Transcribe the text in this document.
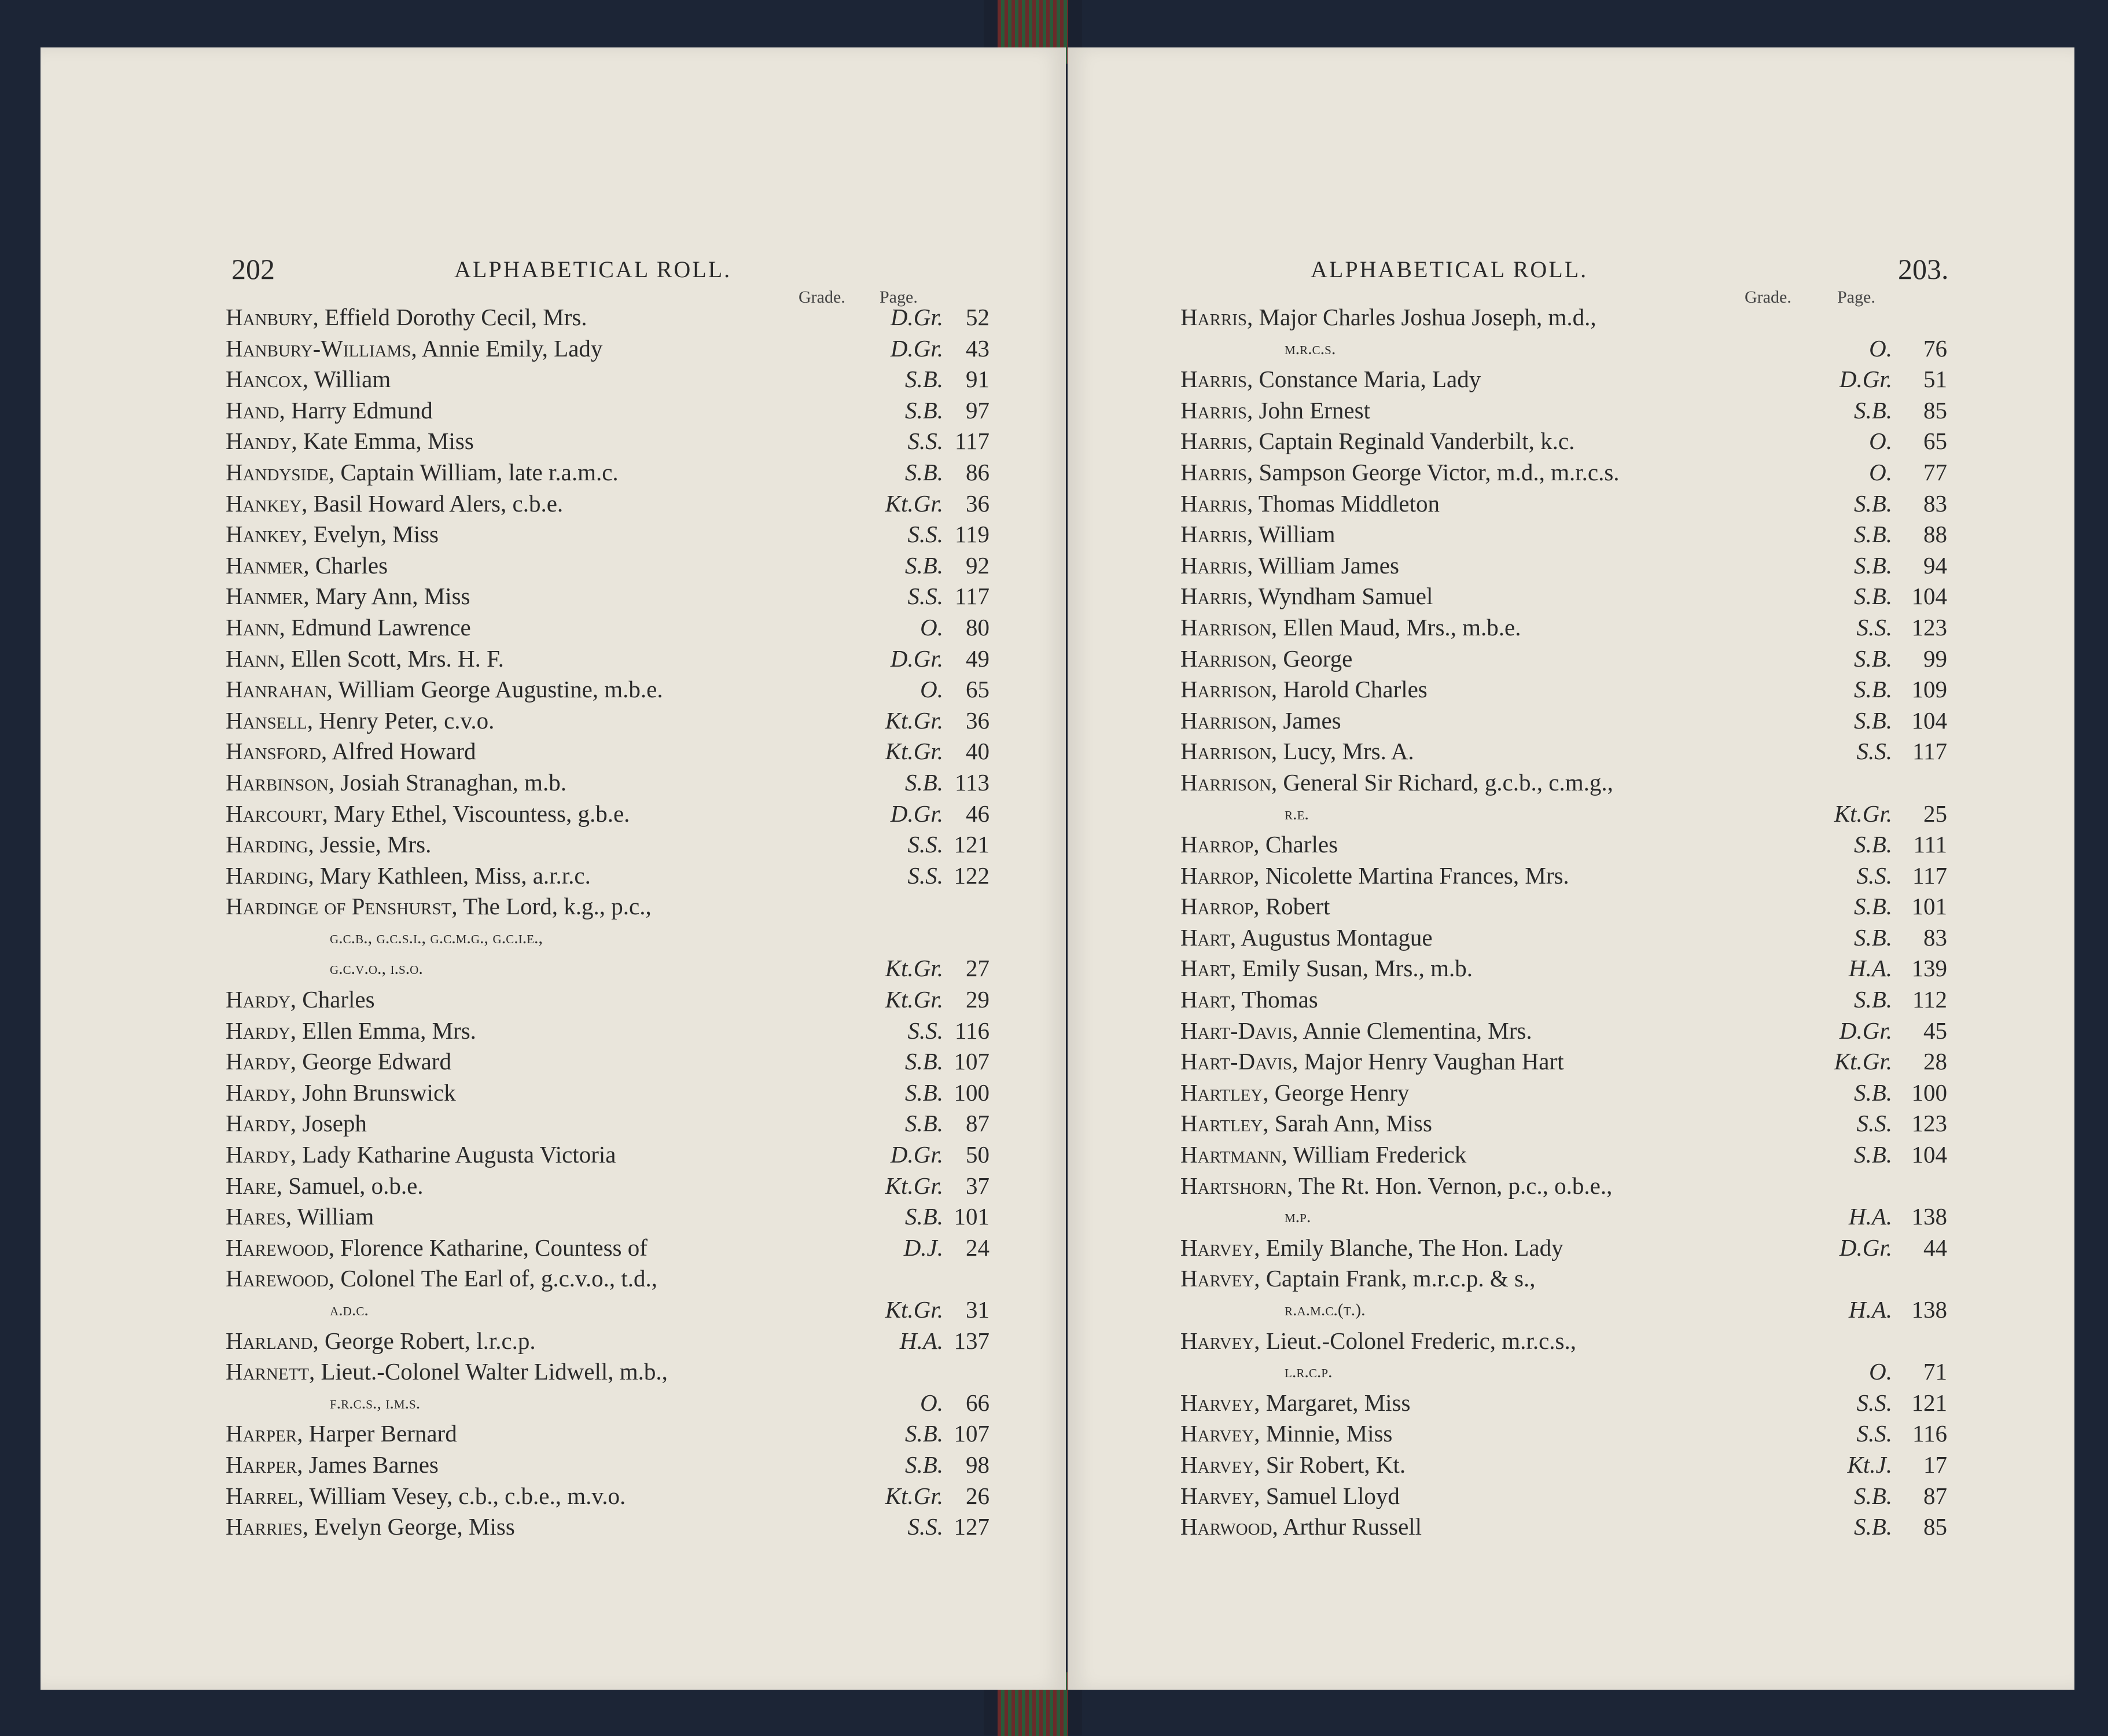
202	ALPHABETICAL ROLL.
Grade. Page.
Hanbury, Effield Dorothy Cecil, Mrs.	D.Gr. 52
Hanbury-Williams, Annie Emily, Lady	D.Gr. 43
Hancox, William	S.B. 91
Hand, Harry Edmund	S.B. 97
Handy, Kate Emma, Miss	S.S. 117
Handyside, Captain William, late r.a.m.c.	S.B. 86
Hankey, Basil Howard Alers, c.b.e.	Kt.Gr. 36
Hankey, Evelyn, Miss	S.S. 119
Hanmer, Charles	S.B. 92
Hanmer, Mary Ann, Miss	S.S. 117
Hann, Edmund Lawrence	O. 80
Hann, Ellen Scott, Mrs. H. F.	D.Gr. 49
Hanrahan, William George Augustine, m.b.e.	O. 65
Hansell, Henry Peter, c.v.o.	Kt.Gr. 36
Hansford, Alfred Howard	Kt.Gr. 40
Harbinson, Josiah Stranaghan, m.b.	S.B. 113
Harcourt, Mary Ethel, Viscountess, g.b.e.	D.Gr. 46
Harding, Jessie, Mrs.	S.S. 121
Harding, Mary Kathleen, Miss, a.r.r.c.	S.S. 122
Hardinge of Penshurst, The Lord, k.g., p.c.,
g.c.b., g.c.s.i., g.c.m.g., g.c.i.e.,
g.c.v.o., i.s.o.	Kt.Gr. 27
Hardy, Charles	Kt.Gr. 29
Hardy, Ellen Emma, Mrs.	S.S. 116
Hardy, George Edward	S.B. 107
Hardy, John Brunswick	S.B. 100
Hardy, Joseph	S.B. 87
Hardy, Lady Katharine Augusta Victoria	D.Gr. 50
Hare, Samuel, o.b.e.	Kt.Gr. 37
Hares, William	S.B. 101
Harewood, Florence Katharine, Countess of	D.J. 24
Harewood, Colonel The Earl of, g.c.v.o., t.d.,
a.d.c.	Kt.Gr. 31
Harland, George Robert, l.r.c.p.	H.A. 137
Harnett, Lieut.-Colonel Walter Lidwell, m.b.,
f.r.c.s., i.m.s.	O. 66
Harper, Harper Bernard	S.B. 107
Harper, James Barnes	S.B. 98
Harrel, William Vesey, c.b., c.b.e., m.v.o.	Kt.Gr. 26
Harries, Evelyn George, Miss	S.S. 127
ALPHABETICAL ROLL.	203.
Grade.	Page.
Harris, Major Charles Joshua Joseph, m.d.,
m.r.c.s.	O.	76
Harris, Constance Maria, Lady	D.Gr.	51
Harris, John Ernest	S.B.	85
Harris, Captain Reginald Vanderbilt, k.c.	O.	65
Harris, Sampson George Victor, m.d., m.r.c.s.	O.	77
Harris, Thomas Middleton	S.B.	83
Harris, William	S.B.	88
Harris, William James	S.B.	94
Harris, Wyndham Samuel	S.B. 104
Harrison, Ellen Maud, Mrs., m.b.e.	S.S. 123
Harrison, George	S.B.	99
Harrison, Harold Charles	S.B. 109
Harrison, James	S.B. 104
Harrison, Lucy, Mrs. A.	S.S. 117
Harrison, General Sir Richard, g.c.b., c.m.g.,
r.e.	Kt.Gr.	25
Harrop, Charles	S.B. 111
Harrop, Nicolette Martina Frances, Mrs.	S.S. 117
Harrop, Robert	S.B. 101
Hart, Augustus Montague	S.B.	83
Hart, Emily Susan, Mrs., m.b.	H.A. 139
Hart, Thomas	S.B. 112
Hart-Davis, Annie Clementina, Mrs.	D.Gr.	45
Hart-Davis, Major Henry Vaughan Hart	Kt.Gr.	28
Hartley, George Henry	S.B. 100
Hartley, Sarah Ann, Miss	S.S. 123
Hartmann, William Frederick	S.B. 104
Hartshorn, The Rt. Hon. Vernon, p.c., o.b.e.,
m.p.	H.A. 138
Harvey, Emily Blanche, The Hon. Lady	D.Gr.	44
Harvey, Captain Frank, m.r.c.p. & s.,
r.a.m.c.(t.).	H.A. 138
Harvey, Lieut.-Colonel Frederic, m.r.c.s.,
l.r.c.p.	O.	71
Harvey, Margaret, Miss	S.S. 121
Harvey, Minnie, Miss	S.S. 116
Harvey, Sir Robert, Kt.	Kt.J.	17
Harvey, Samuel Lloyd	S.B.	87
Harwood, Arthur Russell	S.B.	85
